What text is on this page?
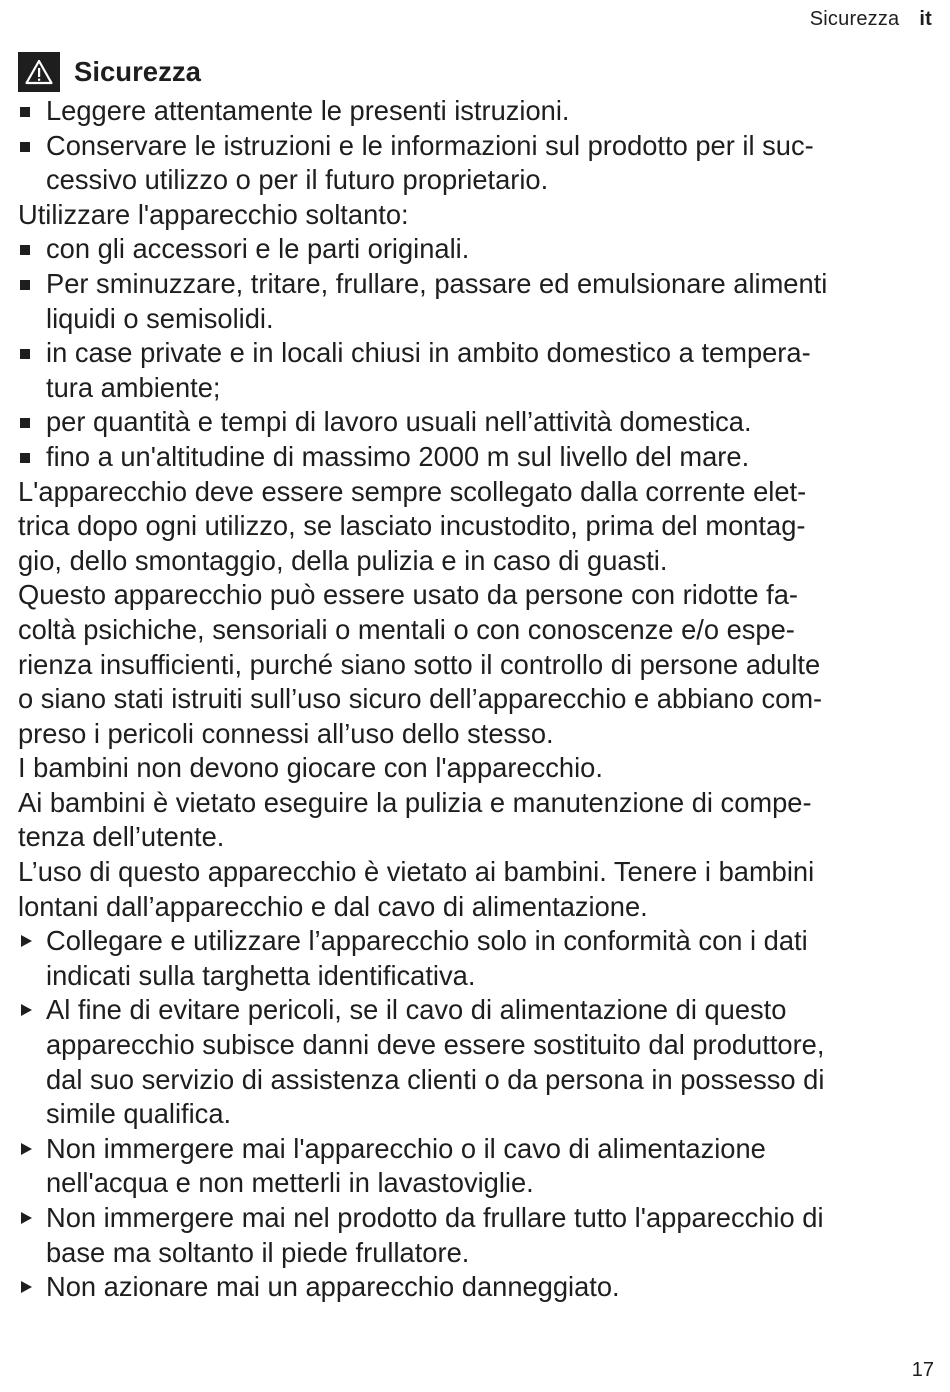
Sicurezza it
Sicurezza
Leggere attentamente le presenti istruzioni.
Conservare le istruzioni e le informazioni sul prodotto per il suc-
cessivo utilizzo o per il futuro proprietario.
Utilizzare l'apparecchio soltanto:
con gli accessori e le parti originali.
Per sminuzzare, tritare, frullare, passare ed emulsionare alimenti
liquidi o semisolidi.
in case private e in locali chiusi in ambito domestico a tempera-
tura ambiente;
per quantità e tempi di lavoro usuali nell’attività domestica.
fino a un'altitudine di massimo 2000 m sul livello del mare.
L'apparecchio deve essere sempre scollegato dalla corrente elet-
trica dopo ogni utilizzo, se lasciato incustodito, prima del montag-
gio, dello smontaggio, della pulizia e in caso di guasti.
Questo apparecchio può essere usato da persone con ridotte fa-
coltà psichiche, sensoriali o mentali o con conoscenze e/o espe-
rienza insufficienti, purché siano sotto il controllo di persone adulte
o siano stati istruiti sull’uso sicuro dell’apparecchio e abbiano com-
preso i pericoli connessi all’uso dello stesso.
I bambini non devono giocare con l'apparecchio.
Ai bambini è vietato eseguire la pulizia e manutenzione di compe-
tenza dell’utente.
L’uso di questo apparecchio è vietato ai bambini. Tenere i bambini
lontani dall’apparecchio e dal cavo di alimentazione.
Collegare e utilizzare l’apparecchio solo in conformità con i dati
indicati sulla targhetta identificativa.
Al fine di evitare pericoli, se il cavo di alimentazione di questo
apparecchio subisce danni deve essere sostituito dal produttore,
dal suo servizio di assistenza clienti o da persona in possesso di
simile qualifica.
Non immergere mai l'apparecchio o il cavo di alimentazione
nell'acqua e non metterli in lavastoviglie.
Non immergere mai nel prodotto da frullare tutto l'apparecchio di
base ma soltanto il piede frullatore.
Non azionare mai un apparecchio danneggiato.
17
